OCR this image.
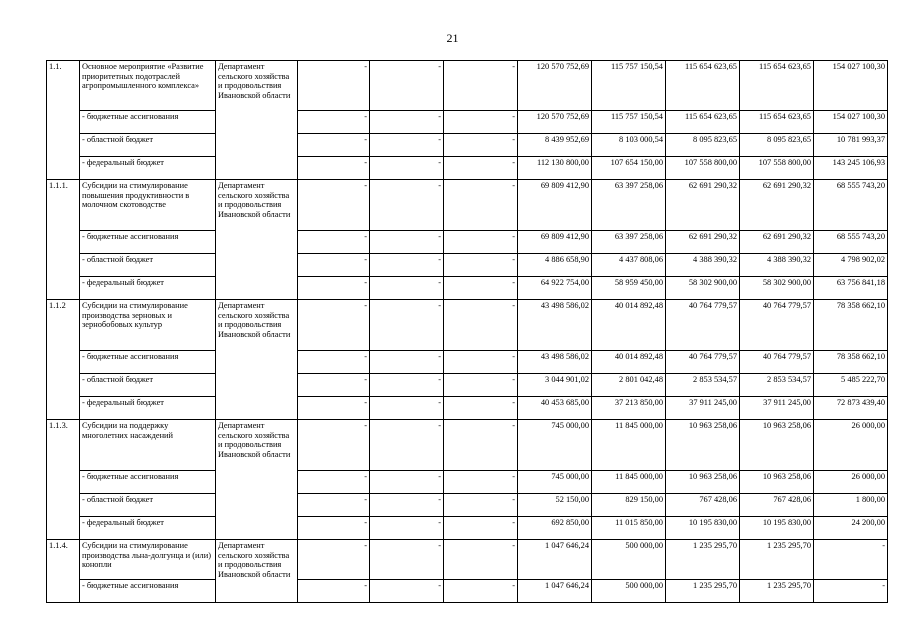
21
1.1.	Основное мероприятие «Развитие приоритетных подотраслей агропромышленного комплекса»	Департамент сельского хозяйства и продовольствия Ивановской области	-	-	-	120 570 752,69	115 757 150,54	115 654 623,65	115 654 623,65	154 027 100,30
	- бюджетные ассигнования		-	-	-	120 570 752,69	115 757 150,54	115 654 623,65	115 654 623,65	154 027 100,30
	- областной бюджет		-	-	-	8 439 952,69	8 103 000,54	8 095 823,65	8 095 823,65	10 781 993,37
	- федеральный бюджет		-	-	-	112 130 800,00	107 654 150,00	107 558 800,00	107 558 800,00	143 245 106,93
1.1.1.	Субсидии на стимулирование повышения продуктивности в молочном скотоводстве	Департамент сельского хозяйства и продовольствия Ивановской области	-	-	-	69 809 412,90	63 397 258,06	62 691 290,32	62 691 290,32	68 555 743,20
	- бюджетные ассигнования		-	-	-	69 809 412,90	63 397 258,06	62 691 290,32	62 691 290,32	68 555 743,20
	- областной бюджет		-	-	-	4 886 658,90	4 437 808,06	4 388 390,32	4 388 390,32	4 798 902,02
	- федеральный бюджет		-	-	-	64 922 754,00	58 959 450,00	58 302 900,00	58 302 900,00	63 756 841,18
1.1.2	Субсидии на стимулирование производства зерновых и зернобобовых культур	Департамент сельского хозяйства и продовольствия Ивановской области	-	-	-	43 498 586,02	40 014 892,48	40 764 779,57	40 764 779,57	78 358 662,10
	- бюджетные ассигнования		-	-	-	43 498 586,02	40 014 892,48	40 764 779,57	40 764 779,57	78 358 662,10
	- областной бюджет		-	-	-	3 044 901,02	2 801 042,48	2 853 534,57	2 853 534,57	5 485 222,70
	- федеральный бюджет		-	-	-	40 453 685,00	37 213 850,00	37 911 245,00	37 911 245,00	72 873 439,40
1.1.3.	Субсидии на поддержку многолетних насаждений	Департамент сельского хозяйства и продовольствия Ивановской области	-	-	-	745 000,00	11 845 000,00	10 963 258,06	10 963 258,06	26 000,00
	- бюджетные ассигнования		-	-	-	745 000,00	11 845 000,00	10 963 258,06	10 963 258,06	26 000,00
	- областной бюджет		-	-	-	52 150,00	829 150,00	767 428,06	767 428,06	1 800,00
	- федеральный бюджет		-	-	-	692 850,00	11 015 850,00	10 195 830,00	10 195 830,00	24 200,00
1.1.4.	Субсидии на стимулирование производства льна-долгунца и (или) конопли	Департамент сельского хозяйства и продовольствия Ивановской области	-	-	-	1 047 646,24	500 000,00	1 235 295,70	1 235 295,70	-
	- бюджетные ассигнования		-	-	-	1 047 646,24	500 000,00	1 235 295,70	1 235 295,70	-
